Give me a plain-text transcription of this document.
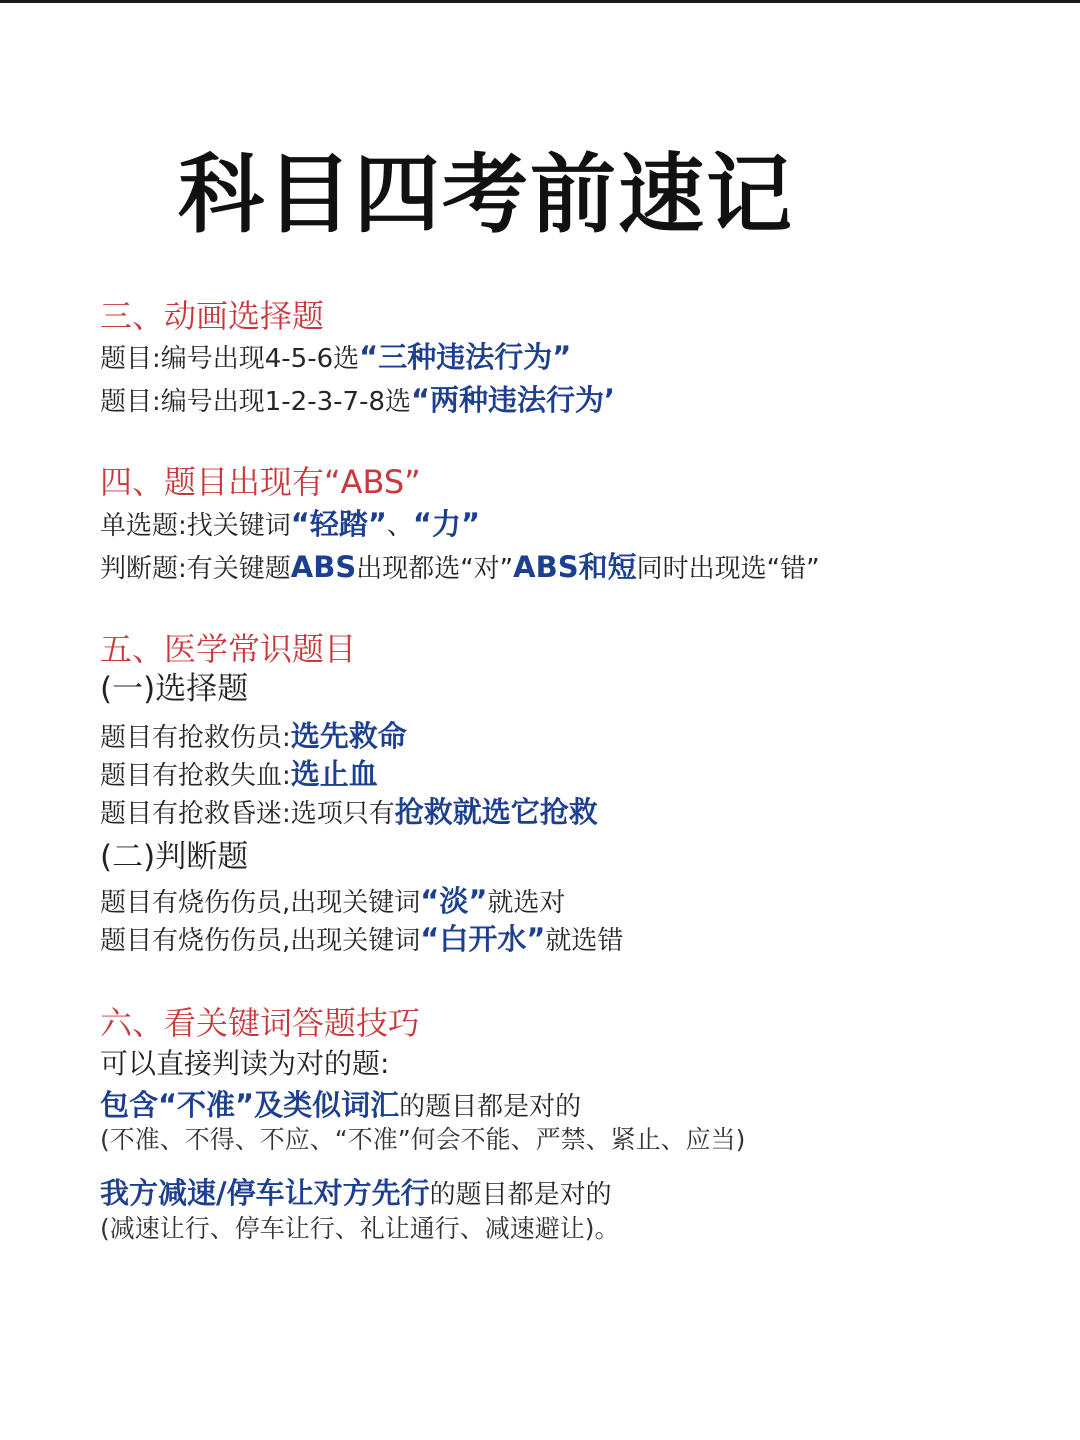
科目四考前速记
三、动画选择题
题目:编号出现4-5-6选“三种违法行为”
题目:编号出现1-2-3-7-8选“两种违法行为’
四、题目出现有“ABS”
单选题:找关键词“轻踏”、“力”
判断题:有关键题ABS出现都选“对”ABS和短同时出现选“错”
五、医学常识题目
(一)选择题
题目有抢救伤员:选先救命
题目有抢救失血:选止血
题目有抢救昏迷:选项只有抢救就选它抢救
(二)判断题
题目有烧伤伤员,出现关键词“淡”就选对
题目有烧伤伤员,出现关键词“白开水”就选错
六、看关键词答题技巧
可以直接判读为对的题:
包含“不准”及类似词汇的题目都是对的
(不准、不得、不应、“不准”何会不能、严禁、紧止、应当)
我方减速/停车让对方先行的题目都是对的
(减速让行、停车让行、礼让通行、减速避让)。
